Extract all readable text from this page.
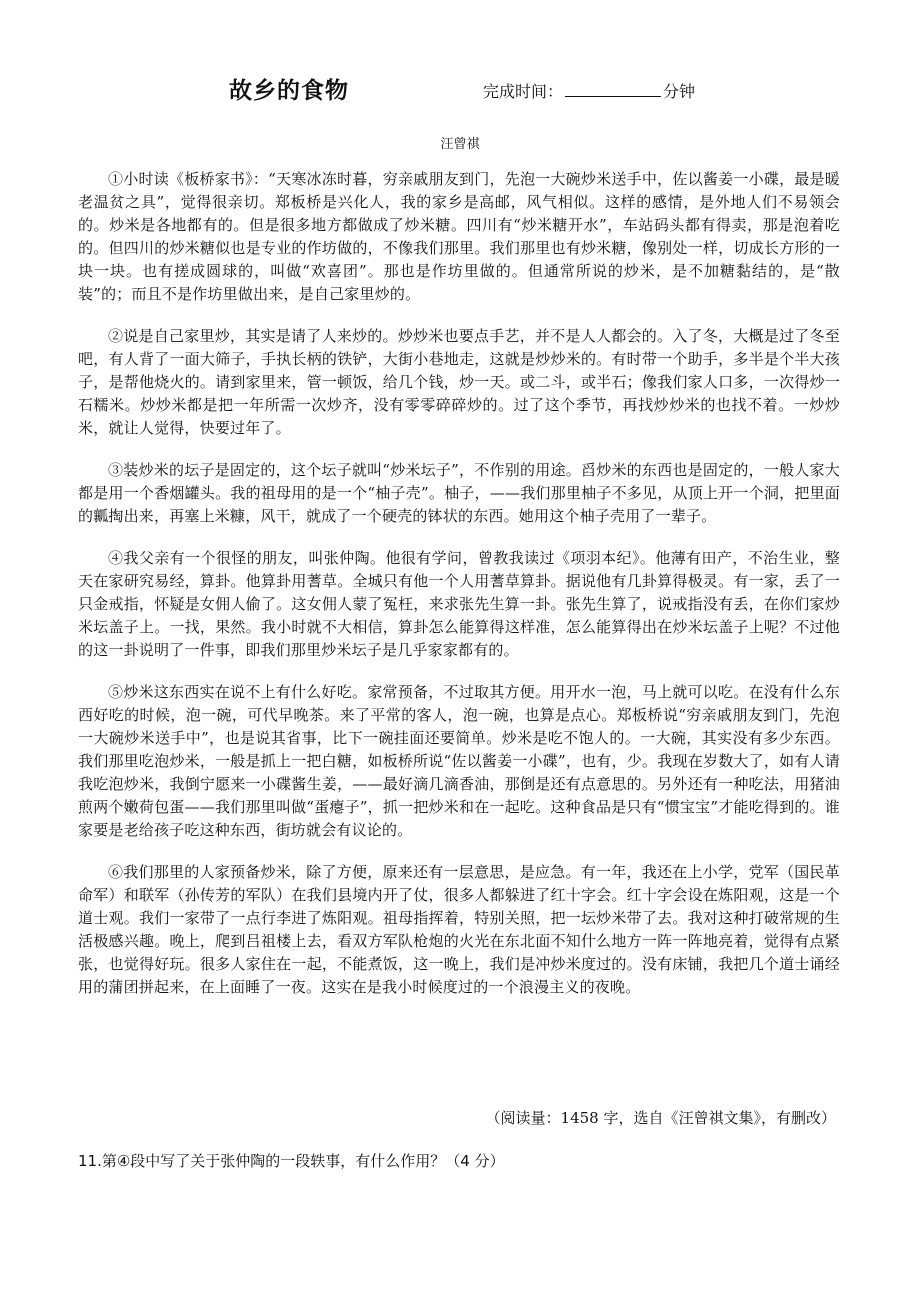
故乡的食物	完成时间：	分钟
汪曾祺

①小时读《板桥家书》：“天寒冰冻时暮，穷亲戚朋友到门，先泡一大碗炒米送手中，佐以酱姜一小碟，最是暖老温贫之具”，觉得很亲切。郑板桥是兴化人，我的家乡是高邮，风气相似。这样的感情，是外地人们不易领会的。炒米是各地都有的。但是很多地方都做成了炒米糖。四川有“炒米糖开水”，车站码头都有得卖，那是泡着吃的。但四川的炒米糖似也是专业的作坊做的，不像我们那里。我们那里也有炒米糖，像别处一样，切成长方形的一块一块。也有搓成圆球的，叫做“欢喜团”。那也是作坊里做的。但通常所说的炒米，是不加糖黏结的，是“散装”的；而且不是作坊里做出来，是自己家里炒的。

②说是自己家里炒，其实是请了人来炒的。炒炒米也要点手艺，并不是人人都会的。入了冬，大概是过了冬至吧，有人背了一面大筛子，手执长柄的铁铲，大街小巷地走，这就是炒炒米的。有时带一个助手，多半是个半大孩子，是帮他烧火的。请到家里来，管一顿饭，给几个钱，炒一天。或二斗，或半石；像我们家人口多，一次得炒一石糯米。炒炒米都是把一年所需一次炒齐，没有零零碎碎炒的。过了这个季节，再找炒炒米的也找不着。一炒炒米，就让人觉得，快要过年了。

③装炒米的坛子是固定的，这个坛子就叫“炒米坛子”，不作别的用途。舀炒米的东西也是固定的，一般人家大都是用一个香烟罐头。我的祖母用的是一个“柚子壳”。柚子，——我们那里柚子不多见，从顶上开一个洞，把里面的瓤掏出来，再塞上米糠，风干，就成了一个硬壳的钵状的东西。她用这个柚子壳用了一辈子。

④我父亲有一个很怪的朋友，叫张仲陶。他很有学问，曾教我读过《项羽本纪》。他薄有田产，不治生业，整天在家研究易经，算卦。他算卦用蓍草。全城只有他一个人用蓍草算卦。据说他有几卦算得极灵。有一家，丢了一只金戒指，怀疑是女佣人偷了。这女佣人蒙了冤枉，来求张先生算一卦。张先生算了，说戒指没有丢，在你们家炒米坛盖子上。一找，果然。我小时就不大相信，算卦怎么能算得这样准，怎么能算得出在炒米坛盖子上呢？不过他的这一卦说明了一件事，即我们那里炒米坛子是几乎家家都有的。

⑤炒米这东西实在说不上有什么好吃。家常预备，不过取其方便。用开水一泡，马上就可以吃。在没有什么东西好吃的时候，泡一碗，可代早晚茶。来了平常的客人，泡一碗，也算是点心。郑板桥说“穷亲戚朋友到门，先泡一大碗炒米送手中”，也是说其省事，比下一碗挂面还要简单。炒米是吃不饱人的。一大碗，其实没有多少东西。我们那里吃泡炒米，一般是抓上一把白糖，如板桥所说“佐以酱姜一小碟”，也有，少。我现在岁数大了，如有人请我吃泡炒米，我倒宁愿来一小碟酱生姜，——最好滴几滴香油，那倒是还有点意思的。另外还有一种吃法，用猪油煎两个嫩荷包蛋——我们那里叫做“蛋瘪子”，抓一把炒米和在一起吃。这种食品是只有“惯宝宝”才能吃得到的。谁家要是老给孩子吃这种东西，街坊就会有议论的。

⑥我们那里的人家预备炒米，除了方便，原来还有一层意思，是应急。有一年，我还在上小学，党军（国民革命军）和联军（孙传芳的军队）在我们县境内开了仗，很多人都躲进了红十字会。红十字会设在炼阳观，这是一个道士观。我们一家带了一点行李进了炼阳观。祖母指挥着，特别关照，把一坛炒米带了去。我对这种打破常规的生活极感兴趣。晚上，爬到吕祖楼上去，看双方军队枪炮的火光在东北面不知什么地方一阵一阵地亮着，觉得有点紧张，也觉得好玩。很多人家住在一起，不能煮饭，这一晚上，我们是冲炒米度过的。没有床铺，我把几个道士诵经用的蒲团拼起来，在上面睡了一夜。这实在是我小时候度过的一个浪漫主义的夜晚。

（阅读量：1458 字，选自《汪曾祺文集》，有删改）
11.第④段中写了关于张仲陶的一段轶事，有什么作用？（4 分）
